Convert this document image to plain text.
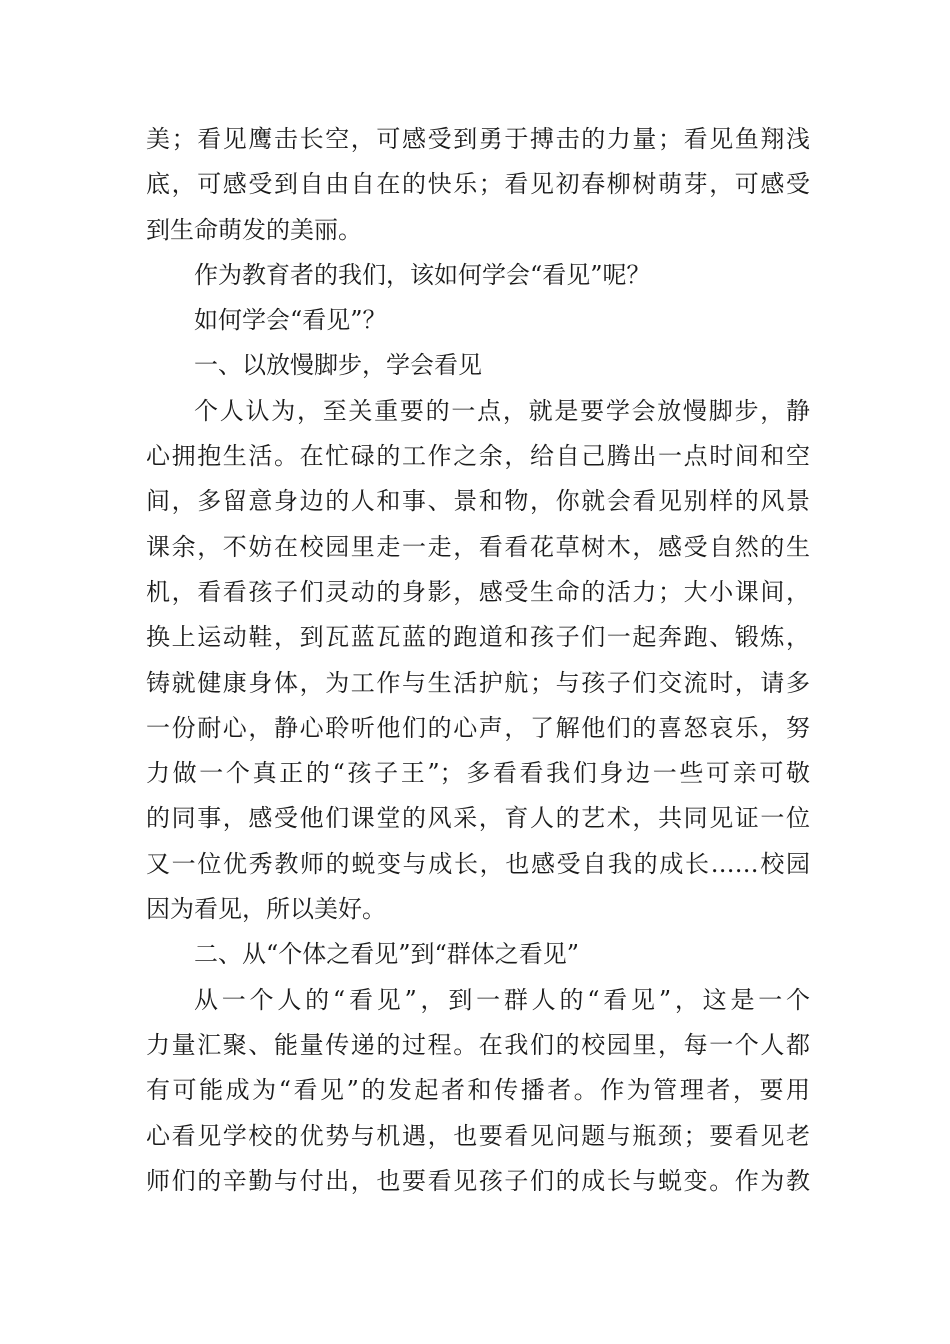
美；看见鹰击长空，可感受到勇于搏击的力量；看见鱼翔浅
底，可感受到自由自在的快乐；看见初春柳树萌芽，可感受
到生命萌发的美丽。
作为教育者的我们，该如何学会“看见”呢？
如何学会“看见”？
一、以放慢脚步，学会看见
个人认为，至关重要的一点，就是要学会放慢脚步，静
心拥抱生活。在忙碌的工作之余，给自己腾出一点时间和空
间，多留意身边的人和事、景和物，你就会看见别样的风景
课余，不妨在校园里走一走，看看花草树木，感受自然的生
机，看看孩子们灵动的身影，感受生命的活力；大小课间，
换上运动鞋，到瓦蓝瓦蓝的跑道和孩子们一起奔跑、锻炼，
铸就健康身体，为工作与生活护航；与孩子们交流时，请多
一份耐心，静心聆听他们的心声，了解他们的喜怒哀乐，努
力做一个真正的“孩子王”；多看看我们身边一些可亲可敬
的同事，感受他们课堂的风采，育人的艺术，共同见证一位
又一位优秀教师的蜕变与成长，也感受自我的成长……校园
因为看见，所以美好。
二、从“个体之看见”到“群体之看见”
从一个人的“看见”，到一群人的“看见”，这是一个
力量汇聚、能量传递的过程。在我们的校园里，每一个人都
有可能成为“看见”的发起者和传播者。作为管理者，要用
心看见学校的优势与机遇，也要看见问题与瓶颈；要看见老
师们的辛勤与付出，也要看见孩子们的成长与蜕变。作为教
